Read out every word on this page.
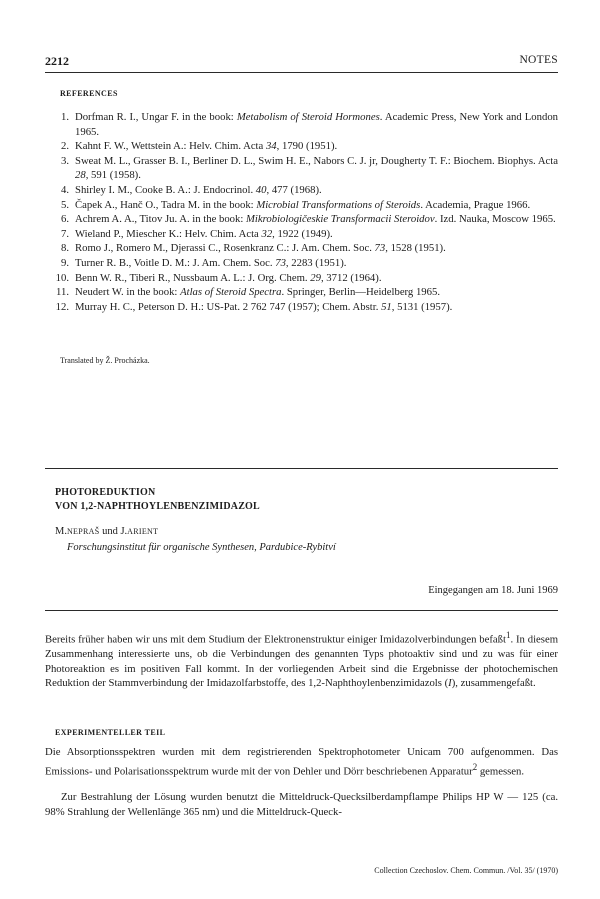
2212	NOTES
REFERENCES
1. Dorfman R. I., Ungar F. in the book: Metabolism of Steroid Hormones. Academic Press, New York and London 1965.
2. Kahnt F. W., Wettstein A.: Helv. Chim. Acta 34, 1790 (1951).
3. Sweat M. L., Grasser B. I., Berliner D. L., Swim H. E., Nabors C. J. jr, Dougherty T. F.: Biochem. Biophys. Acta 28, 591 (1958).
4. Shirley I. M., Cooke B. A.: J. Endocrinol. 40, 477 (1968).
5. Čapek A., Hanč O., Tadra M. in the book: Microbial Transformations of Steroids. Academia, Prague 1966.
6. Achrem A. A., Titov Ju. A. in the book: Mikrobiologičeskie Transformacii Steroidov. Izd. Nauka, Moscow 1965.
7. Wieland P., Miescher K.: Helv. Chim. Acta 32, 1922 (1949).
8. Romo J., Romero M., Djerassi C., Rosenkranz C.: J. Am. Chem. Soc. 73, 1528 (1951).
9. Turner R. B., Voitle D. M.: J. Am. Chem. Soc. 73, 2283 (1951).
10. Benn W. R., Tiberi R., Nussbaum A. L.: J. Org. Chem. 29, 3712 (1964).
11. Neudert W. in the book: Atlas of Steroid Spectra. Springer, Berlin—Heidelberg 1965.
12. Murray H. C., Peterson D. H.: US-Pat. 2 762 747 (1957); Chem. Abstr. 51, 5131 (1957).
Translated by Ž. Procházka.
PHOTOREDUKTION
VON 1,2-NAPHTHOYLENBENZIMIDAZOL
M.NEPRAŠ und J.ARIENT
Forschungsinstitut für organische Synthesen, Pardubice-Rybitví
Eingegangen am 18. Juni 1969

Bereits früher haben wir uns mit dem Studium der Elektronenstruktur einiger Imidazolverbindungen befaßt$^1$. In diesem Zusammenhang interessierte uns, ob die Verbindungen des genannten Typs photoaktiv sind und zu was für einer Photoreaktion es im positiven Fall kommt. In der vorliegenden Arbeit sind die Ergebnisse der photochemischen Reduktion der Stammverbindung der Imidazolfarbstoffe, des 1,2-Naphthoylenbenzimidazols (I), zusammengefaßt.

EXPERIMENTELLER TEIL

Die Absorptionsspektren wurden mit dem registrierenden Spektrophotometer Unicam 700 aufgenommen. Das Emissions- und Polarisationsspektrum wurde mit der von Dehler und Dörr beschriebenen Apparatur$^2$ gemessen.

Zur Bestrahlung der Lösung wurden benutzt die Mitteldruck-Quecksilberdampflampe Philips HP W — 125 (ca. 98% Strahlung der Wellenlänge 365 nm) und die Mitteldruck-Queck-

Collection Czechoslov. Chem. Commun. /Vol. 35/ (1970)
